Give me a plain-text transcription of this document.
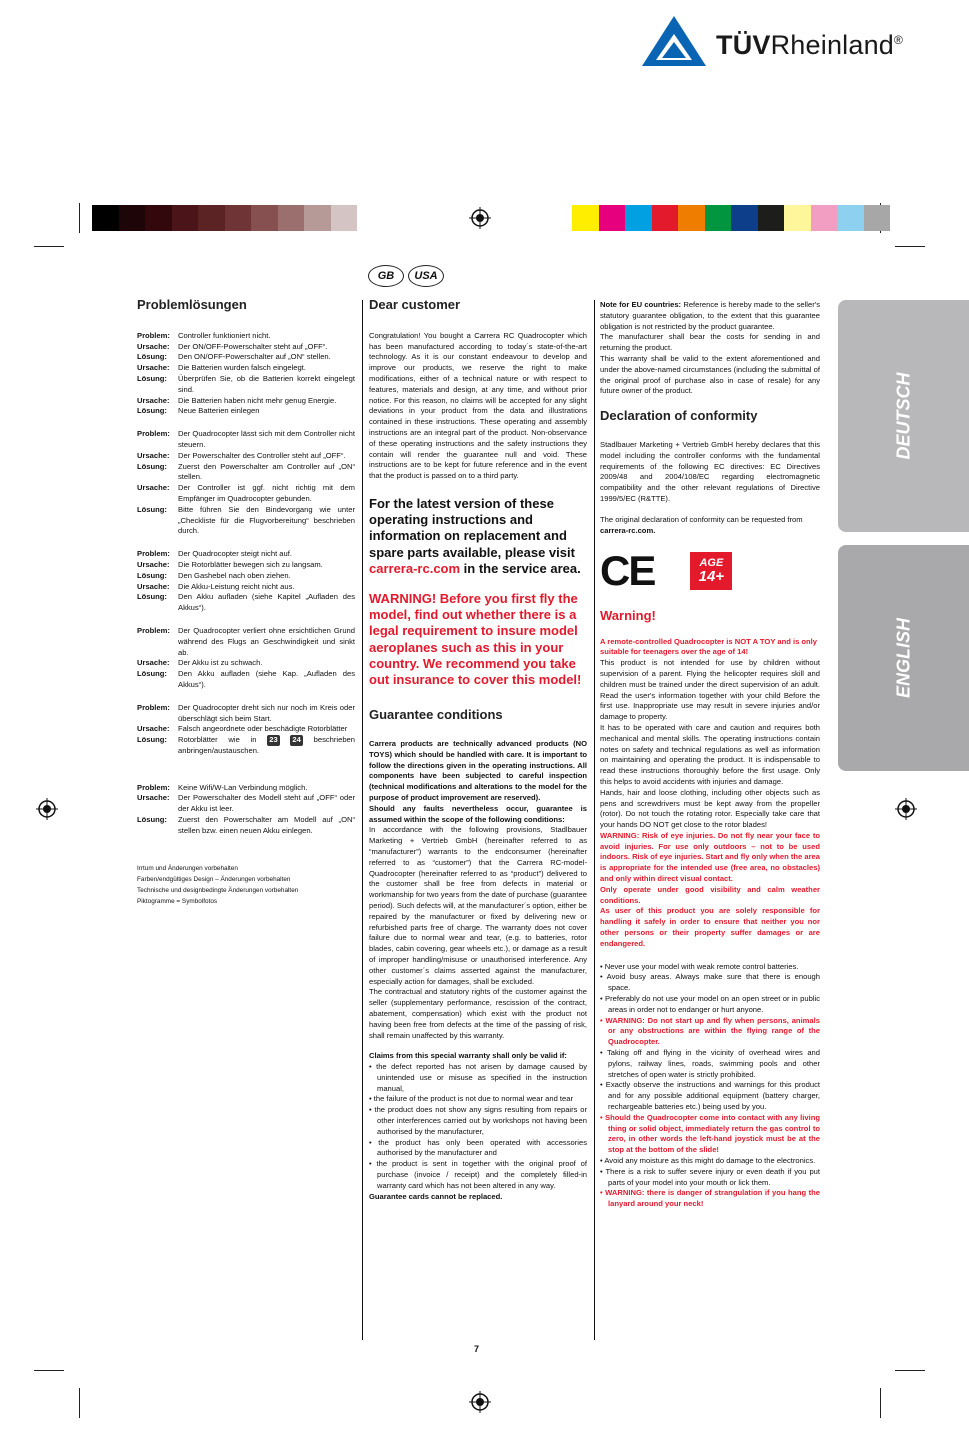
TÜVRheinland®
GB	USA
Problemlösungen
Problem:	Controller funktioniert nicht.
Ursache:	Der ON/OFF-Powerschalter steht auf „OFF“.
Lösung:	Den ON/OFF-Powerschalter auf „ON“ stellen.
Ursache:	Die Batterien wurden falsch eingelegt.
Lösung:	Überprüfen Sie, ob die Batterien korrekt eingelegt sind.
Ursache:	Die Batterien haben nicht mehr genug Energie.
Lösung:	Neue Batterien einlegen
Problem:	Der Quadrocopter lässt sich mit dem Controller nicht steuern.
Ursache:	Der Powerschalter des Controller steht auf „OFF“.
Lösung:	Zuerst den Powerschalter am Controller auf „ON“ stellen.
Ursache:	Der Controller ist ggf. nicht richtig mit dem Empfänger im Quadrocopter gebunden.
Lösung:	Bitte führen Sie den Bindevorgang wie unter „Checkliste für die Flugvorbereitung“ beschrieben durch.
Problem:	Der Quadrocopter steigt nicht auf.
Ursache:	Die Rotorblätter bewegen sich zu langsam.
Lösung:	Den Gashebel nach oben ziehen.
Ursache:	Die Akku-Leistung reicht nicht aus.
Lösung:	Den Akku aufladen (siehe Kapitel „Aufladen des Akkus“).
Problem:	Der Quadrocopter verliert ohne ersichtlichen Grund während des Flugs an Geschwindigkeit und sinkt ab.
Ursache:	Der Akku ist zu schwach.
Lösung:	Den Akku aufladen (siehe Kap. „Aufladen des Akkus“).
Problem:	Der Quadrocopter dreht sich nur noch im Kreis oder überschlägt sich beim Start.
Ursache:	Falsch angeordnete oder beschädigte Rotorblätter
Lösung:	Rotorblätter wie in 23 24 beschrieben anbringen/austauschen.
Problem:	Keine Wifi/W-Lan Verbindung möglich.
Ursache:	Der Powerschalter des Modell steht auf „OFF“ oder der Akku ist leer.
Lösung:	Zuerst den Powerschalter am Modell auf „ON“ stellen bzw. einen neuen Akku einlegen.
Irrtum und Änderungen vorbehalten
Farben/endgültiges Design – Änderungen vorbehalten
Technische und designbedingte Änderungen vorbehalten
Piktogramme = Symbolfotos
Dear customer

Congratulation! You bought a Carrera RC Quadrocopter which has been manufactured according to today´s state-of-the-art technology. As it is our constant endeavour to develop and improve our products, we reserve the right to make modifications, either of a technical nature or with respect to features, materials and design, at any time, and without prior notice. For this reason, no claims will be accepted for any slight deviations in your product from the data and illustrations contained in these instructions. These operating and assembly instructions are an integral part of the product. Non-observance of these operating instructions and the safety instructions they contain will render the guarantee null and void. These instructions are to be kept for future reference and in the event that the product is passed on to a third party.

For the latest version of these operating instructions and information on replacement and spare parts available, please visit carrera-rc.com in the service area.

WARNING! Before you first fly the model, find out whether there is a legal requirement to insure model aeroplanes such as this in your country. We recommend you take out insurance to cover this model!

Guarantee conditions

Carrera products are technically advanced products (NO TOYS) which should be handled with care. It is important to follow the directions given in the operating instructions. All components have been subjected to careful inspection (technical modifications and alterations to the model for the purpose of product improvement are reserved).

Should any faults nevertheless occur, guarantee is assumed within the scope of the following conditions:

In accordance with the following provisions, Stadlbauer Marketing + Vertrieb GmbH (hereinafter referred to as “manufacturer”) warrants to the endconsumer (hereinafter referred to as “customer”) that the Carrera RC-model-Quadrocopter (hereinafter referred to as “product”) delivered to the customer shall be free from defects in material or workmanship for two years from the date of purchase (guarantee period). Such defects will, at the manufacturer´s option, either be repaired by the manufacturer or fixed by delivering new or refurbished parts free of charge. The warranty does not cover failure due to normal wear and tear, (e.g. to batteries, rotor blades, cabin covering, gear wheels etc.), or damage as a result of improper handling/misuse or unauthorised interference. Any other customer´s claims asserted against the manufacturer, especially action for damages, shall be excluded.

The contractual and statutory rights of the customer against the seller (supplementary performance, rescission of the contract, abatement, compensation) which exist with the product not having been free from defects at the time of the passing of risk, shall remain unaffected by this warranty.

Claims from this special warranty shall only be valid if:

• the defect reported has not arisen by damage caused by unintended use or misuse as specified in the instruction manual,
• the failure of the product is not due to normal wear and tear
• the product does not show any signs resulting from repairs or other interferences carried out by workshops not having been authorised by the manufacturer,
• the product has only been operated with accessories authorised by the manufacturer and
• the product is sent in together with the original proof of purchase (invoice / receipt) and the completely filled-in warranty card which has not been altered in any way.

Guarantee cards cannot be replaced.

Note for EU countries: Reference is hereby made to the seller's statutory guarantee obligation, to the extent that this guarantee obligation is not restricted by the product guarantee.

The manufacturer shall bear the costs for sending in and returning the product.

This warranty shall be valid to the extent aforementioned and under the above-named circumstances (including the submittal of the original proof of purchase also in case of resale) for any future owner of the product.

Declaration of conformity

Stadlbauer Marketing + Vertrieb GmbH hereby declares that this model including the controller conforms with the fundamental requirements of the following EC directives: EC Directives 2009/48 and 2004/108/EC regarding electromagnetic compatibility and the other relevant regulations of Directive 1999/5/EC (R&TTE).

The original declaration of conformity can be requested from carrera-rc.com.

CE	AGE
14+
Warning!

A remote-controlled Quadrocopter is NOT A TOY and is only suitable for teenagers over the age of 14!

This product is not intended for use by children without supervision of a parent. Flying the helicopter requires skill and children must be trained under the direct supervision of an adult. Read the user's information together with your child Before the first use. Inappropriate use may result in severe injuries and/or damage to property.

It has to be operated with care and caution and requires both mechanical and mental skills. The operating instructions contain notes on safety and technical regulations as well as information on maintaining and operating the product. It is indispensable to read these instructions thoroughly before the first usage. Only this helps to avoid accidents with injuries and damage.

Hands, hair and loose clothing, including other objects such as pens and screwdrivers must be kept away from the propeller (rotor). Do not touch the rotating rotor. Especially take care that your hands DO NOT get close to the rotor blades!

WARNING: Risk of eye injuries. Do not fly near your face to avoid injuries. For use only outdoors – not to be used indoors. Risk of eye injuries. Start and fly only when the area is appropriate for the intended use (free area, no obstacles) and only within direct visual contact.

Only operate under good visibility and calm weather conditions.

As user of this product you are solely responsible for handling it safely in order to ensure that neither you nor other persons or their property suffer damages or are endangered.

• Never use your model with weak remote control batteries.
• Avoid busy areas. Always make sure that there is enough space.
• Preferably do not use your model on an open street or in public areas in order not to endanger or hurt anyone.
• WARNING: Do not start up and fly when persons, animals or any obstructions are within the flying range of the Quadrocopter.
• Taking off and flying in the vicinity of overhead wires and pylons, railway lines, roads, swimming pools and other stretches of open water is strictly prohibited.
• Exactly observe the instructions and warnings for this product and for any possible additional equipment (battery charger, rechargeable batteries etc.) being used by you.
• Should the Quadrocopter come into contact with any living thing or solid object, immediately return the gas control to zero, in other words the left-hand joystick must be at the stop at the bottom of the slide!
• Avoid any moisture as this might do damage to the electronics.
• There is a risk to suffer severe injury or even death if you put parts of your model into your mouth or lick them.
• WARNING: there is danger of strangulation if you hang the lanyard around your neck!
DEUTSCH
ENGLISH
7
